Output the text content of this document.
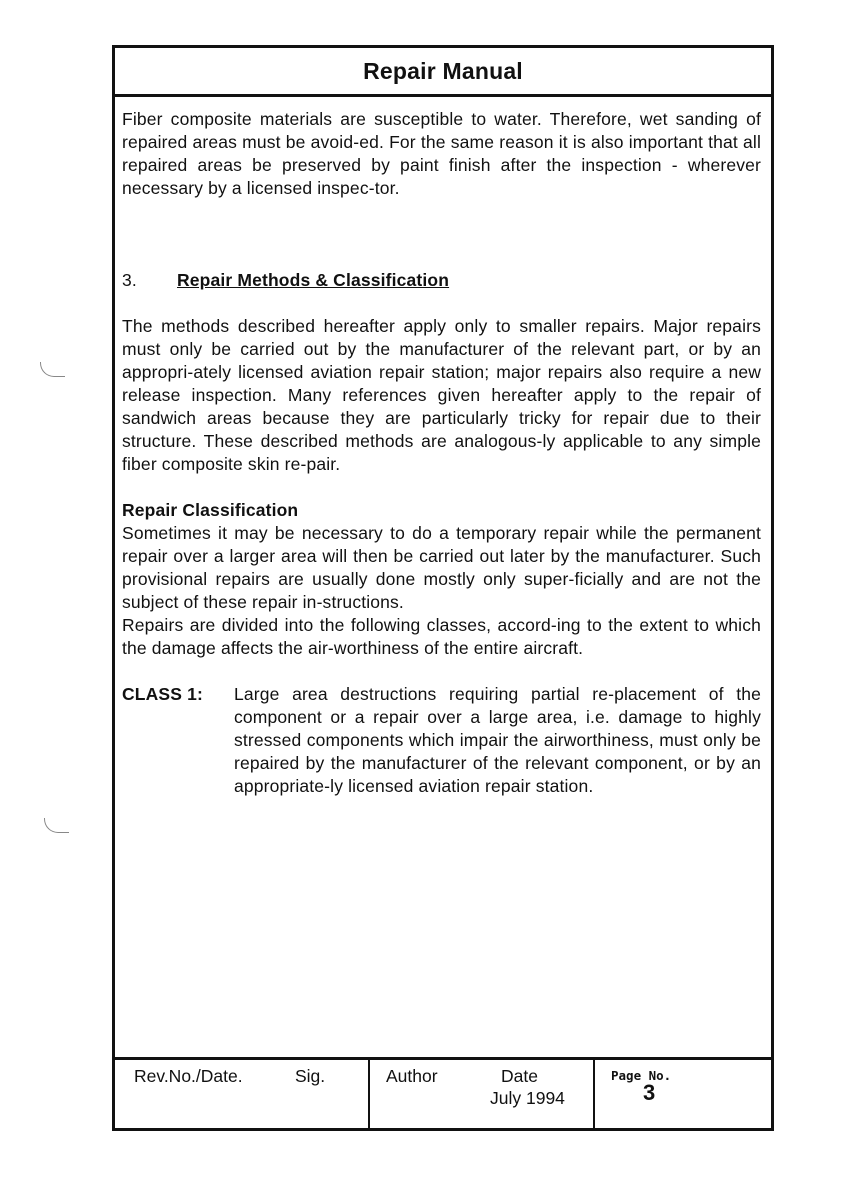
Repair Manual

Fiber composite materials are susceptible to water. Therefore, wet sanding of repaired areas must be avoid-ed. For the same reason it is also important that all repaired areas be preserved by paint finish after the inspection - wherever necessary by a licensed inspec-tor.

3.	Repair Methods & Classification

The methods described hereafter apply only to smaller repairs. Major repairs must only be carried out by the manufacturer of the relevant part, or by an appropri-ately licensed aviation repair station; major repairs also require a new release inspection. Many references given hereafter apply to the repair of sandwich areas because they are particularly tricky for repair due to their structure. These described methods are analogous-ly applicable to any simple fiber composite skin re-pair.

Repair Classification

Sometimes it may be necessary to do a temporary repair while the permanent repair over a larger area will then be carried out later by the manufacturer. Such provisional repairs are usually done mostly only super-ficially and are not the subject of these repair in-structions.

Repairs are divided into the following classes, accord-ing to the extent to which the damage affects the air-worthiness of the entire aircraft.

CLASS 1:	Large area destructions requiring partial re-placement of the component or a repair over a large area, i.e. damage to highly stressed components which impair the airworthiness, must only be repaired by the manufacturer of the relevant component, or by an appropriate-ly licensed aviation repair station.
Rev.No./Date.	Sig.	Author	Date
July 1994
Page No.
3
